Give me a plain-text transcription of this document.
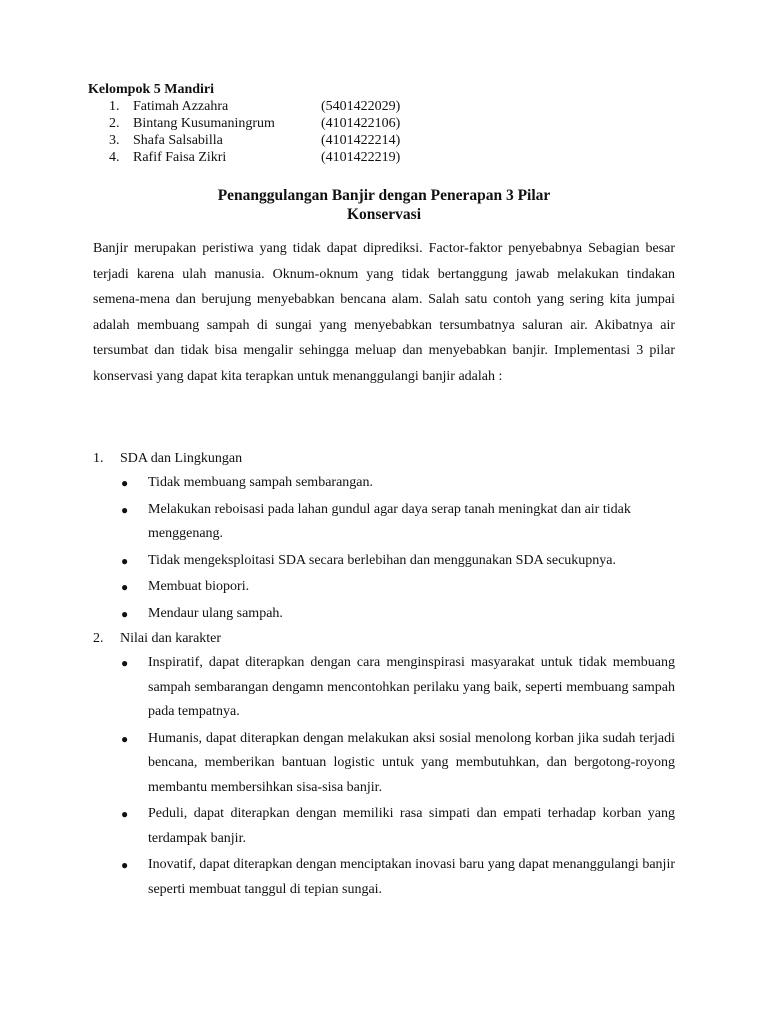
Kelompok 5 Mandiri
1. Fatimah Azzahra	(5401422029)
2. Bintang Kusumaningrum	(4101422106)
3. Shafa Salsabilla	(4101422214)
4. Rafif Faisa Zikri	(4101422219)
Penanggulangan Banjir dengan Penerapan 3 Pilar
Konservasi
Banjir merupakan peristiwa yang tidak dapat diprediksi. Factor-faktor penyebabnya Sebagian besar terjadi karena ulah manusia. Oknum-oknum yang tidak bertanggung jawab melakukan tindakan semena-mena dan berujung menyebabkan bencana alam. Salah satu contoh yang sering kita jumpai adalah membuang sampah di sungai yang menyebabkan tersumbatnya saluran air. Akibatnya air tersumbat dan tidak bisa mengalir sehingga meluap dan menyebabkan banjir. Implementasi 3 pilar konservasi yang dapat kita terapkan untuk menanggulangi banjir adalah :
1.	SDA dan Lingkungan
● Tidak membuang sampah sembarangan.
● Melakukan reboisasi pada lahan gundul agar daya serap tanah meningkat dan air tidak menggenang.
● Tidak mengeksploitasi SDA secara berlebihan dan menggunakan SDA secukupnya.
● Membuat biopori.
● Mendaur ulang sampah.
2.	Nilai dan karakter
● Inspiratif, dapat diterapkan dengan cara menginspirasi masyarakat untuk tidak membuang sampah sembarangan dengamn mencontohkan perilaku yang baik, seperti membuang sampah pada tempatnya.
● Humanis, dapat diterapkan dengan melakukan aksi sosial menolong korban jika sudah terjadi bencana, memberikan bantuan logistic untuk yang membutuhkan, dan bergotong-royong membantu membersihkan sisa-sisa banjir.
● Peduli, dapat diterapkan dengan memiliki rasa simpati dan empati terhadap korban yang terdampak banjir.
● Inovatif, dapat diterapkan dengan menciptakan inovasi baru yang dapat menanggulangi banjir seperti membuat tanggul di tepian sungai.
